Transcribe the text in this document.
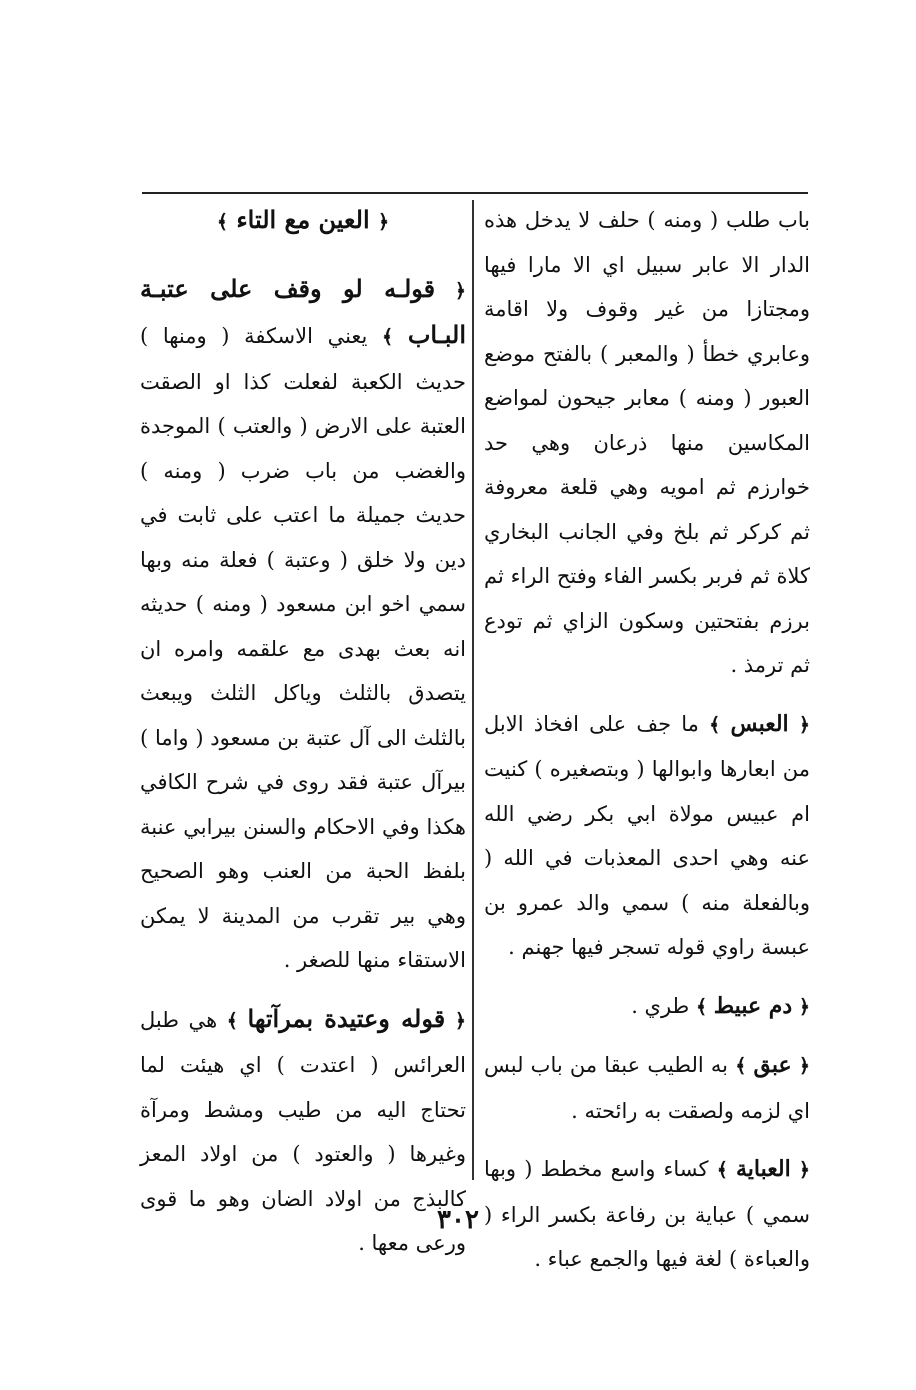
باب طلب ( ومنه ) حلف لا يدخل هذه الدار الا عابر سبيل اي الا مارا فيها ومجتازا من غير وقوف ولا اقامة وعابري خطأ ( والمعبر ) بالفتح موضع العبور ( ومنه ) معابر جيحون لمواضع المكاسين منها ذرعان وهي حد خوارزم ثم امويه وهي قلعة معروفة ثم كركر ثم بلخ وفي الجانب البخاري كلاة ثم فربر بكسر الفاء وفتح الراء ثم برزم بفتحتين وسكون الزاي ثم تودع ثم ترمذ .

﴿ العبس ﴾ ما جف على افخاذ الابل من ابعارها وابوالها ( وبتصغيره ) كنيت ام عبيس مولاة ابي بكر رضي الله عنه وهي احدى المعذبات في الله ( وبالفعلة منه ) سمي والد عمرو بن عبسة راوي قوله تسجر فيها جهنم .

﴿ دم عبيط ﴾ طري .

﴿ عبق ﴾ به الطيب عبقا من باب لبس اي لزمه ولصقت به رائحته .

﴿ العباية ﴾ كساء واسع مخطط ( وبها سمي ) عباية بن رفاعة بكسر الراء ( والعباءة ) لغة فيها والجمع عباء .

﴿ العين مع التاء ﴾

﴿ قولـه لو وقف على عتبـة البـاب ﴾ يعني الاسكفة ( ومنها ) حديث الكعبة لفعلت كذا او الصقت العتبة على الارض ( والعتب ) الموجدة والغضب من باب ضرب ( ومنه ) حديث جميلة ما اعتب على ثابت في دين ولا خلق ( وعتبة ) فعلة منه وبها سمي اخو ابن مسعود ( ومنه ) حديثه انه بعث بهدى مع علقمه وامره ان يتصدق بالثلث وياكل الثلث ويبعث بالثلث الى آل عتبة بن مسعود ( واما ) بيرآل عتبة فقد روى في شرح الكافي هكذا وفي الاحكام والسنن بيرابي عنبة بلفظ الحبة من العنب وهو الصحيح وهي بير تقرب من المدينة لا يمكن الاستقاء منها للصغر .

﴿ قوله وعتيدة بمرآتها ﴾ هي طبل العرائس ( اعتدت ) اي هيئت لما تحتاج اليه من طيب ومشط ومرآة وغيرها ( والعتود ) من اولاد المعز كالبذج من اولاد الضان وهو ما قوى ورعى معها .

٣٠٢
